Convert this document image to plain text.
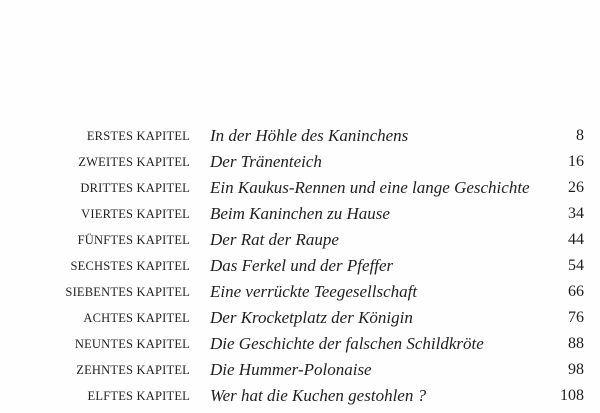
ERSTES KAPITEL In der Höhle des Kaninchens	8
ZWEITES KAPITEL Der Tränenteich	16
DRITTES KAPITEL Ein Kaukus-Rennen und eine lange Geschichte 26
VIERTES KAPITEL Beim Kaninchen zu Hause	34
FÜNFTES KAPITEL Der Rat der Raupe	44
SECHSTES KAPITEL Das Ferkel und der Pfeffer	54
SIEBENTES KAPITEL Eine verrückte Teegesellschaft	66
ACHTES KAPITEL Der Krocketplatz der Königin	76
NEUNTES KAPITEL Die Geschichte der falschen Schildkröte	88
ZEHNTES KAPITEL Die Hummer-Polonaise	98
ELFTES KAPITEL Wer hat die Kuchen gestohlen ?	108
